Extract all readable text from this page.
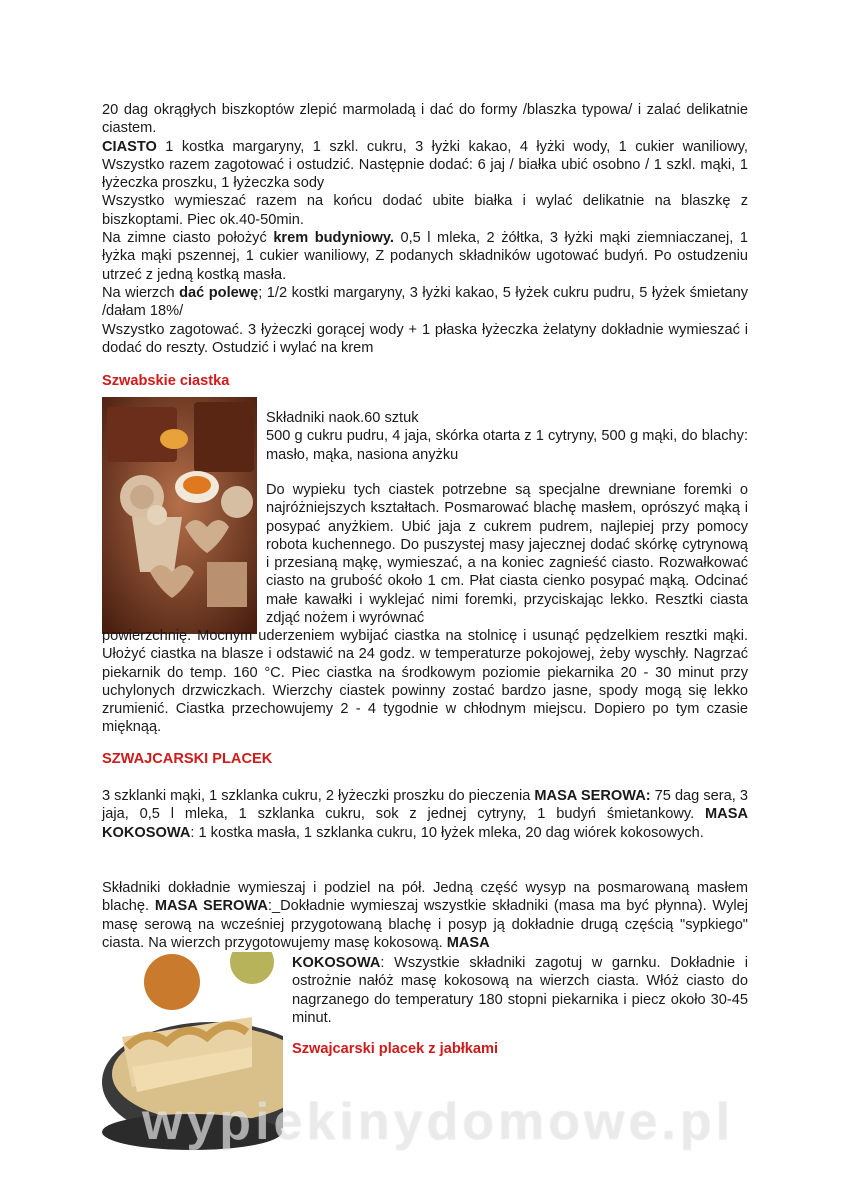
20 dag okrągłych biszkoptów zlepić marmoladą i dać do formy /blaszka typowa/ i zalać delikatnie ciastem.

CIASTO 1 kostka margaryny, 1 szkl. cukru, 3 łyżki kakao, 4 łyżki wody, 1 cukier waniliowy, Wszystko razem zagotować i ostudzić. Następnie dodać: 6 jaj / białka ubić osobno / 1 szkl. mąki, 1 łyżeczka proszku, 1 łyżeczka sody

Wszystko wymieszać razem na końcu dodać ubite białka i wylać delikatnie na blaszkę z biszkoptami. Piec ok.40-50min.

Na zimne ciasto położyć krem budyniowy. 0,5 l mleka, 2 żółtka, 3 łyżki mąki ziemniaczanej, 1 łyżka mąki pszennej, 1 cukier waniliowy, Z podanych składników ugotować budyń. Po ostudzeniu utrzeć z jedną kostką masła.

Na wierzch dać polewę; 1/2 kostki margaryny, 3 łyżki kakao, 5 łyżek cukru pudru, 5 łyżek śmietany /dałam 18%/

Wszystko zagotować. 3 łyżeczki gorącej wody + 1 płaska łyżeczka żelatyny dokładnie wymieszać i dodać do reszty. Ostudzić i wylać na krem

Szwabskie ciastka

Składniki naok.60 sztuk

500 g cukru pudru, 4 jaja, skórka otarta z 1 cytryny, 500 g mąki, do blachy: masło, mąka, nasiona anyżku

Do wypieku tych ciastek potrzebne są specjalne drewniane foremki o najróżniejszych kształtach. Posmarować blachę masłem, oprószyć mąką i posypać anyżkiem. Ubić jaja z cukrem pudrem, najlepiej przy pomocy robota kuchennego. Do puszystej masy jajecznej dodać skórkę cytrynową i przesianą mąkę, wymieszać, a na koniec zagnieść ciasto. Rozwałkować ciasto na grubość około 1 cm. Płat ciasta cienko posypać mąką. Odcinać małe kawałki i wyklejać nimi foremki, przyciskając lekko. Resztki ciasta zdjąć nożem i wyrównać

powierzchnię. Mocnym uderzeniem wybijać ciastka na stolnicę i usunąć pędzelkiem resztki mąki. Ułożyć ciastka na blasze i odstawić na 24 godz. w temperaturze pokojowej, żeby wyschły. Nagrzać piekarnik do temp. 160 °C. Piec ciastka na środkowym poziomie piekarnika 20 - 30 minut przy uchylonych drzwiczkach. Wierzchy ciastek powinny zostać bardzo jasne, spody mogą się lekko zrumienić. Ciastka przechowujemy 2 - 4 tygodnie w chłodnym miejscu. Dopiero po tym czasie mięknąą.

SZWAJCARSKI PLACEK

3 szklanki mąki, 1 szklanka cukru, 2 łyżeczki proszku do pieczenia MASA SEROWA: 75 dag sera, 3 jaja, 0,5 l mleka, 1 szklanka cukru, sok z jednej cytryny, 1 budyń śmietankowy. MASA KOKOSOWA: 1 kostka masła, 1 szklanka cukru, 10 łyżek mleka, 20 dag wiórek kokosowych.

Składniki dokładnie wymieszaj i podziel na pół. Jedną część wysyp na posmarowaną masłem blachę. MASA SEROWA:_Dokładnie wymieszaj wszystkie składniki (masa ma być płynna). Wylej masę serową na wcześniej przygotowaną blachę i posyp ją dokładnie drugą częścią "sypkiego" ciasta. Na wierzch przygotowujemy masę kokosową. MASA

KOKOSOWA: Wszystkie składniki zagotuj w garnku. Dokładnie i ostrożnie nałóż masę kokosową na wierzch ciasta. Włóż ciasto do nagrzanego do temperatury 180 stopni piekarnika i piecz około 30-45 minut.

Szwajcarski placek z jabłkami
wypiekinydomowe.pl
